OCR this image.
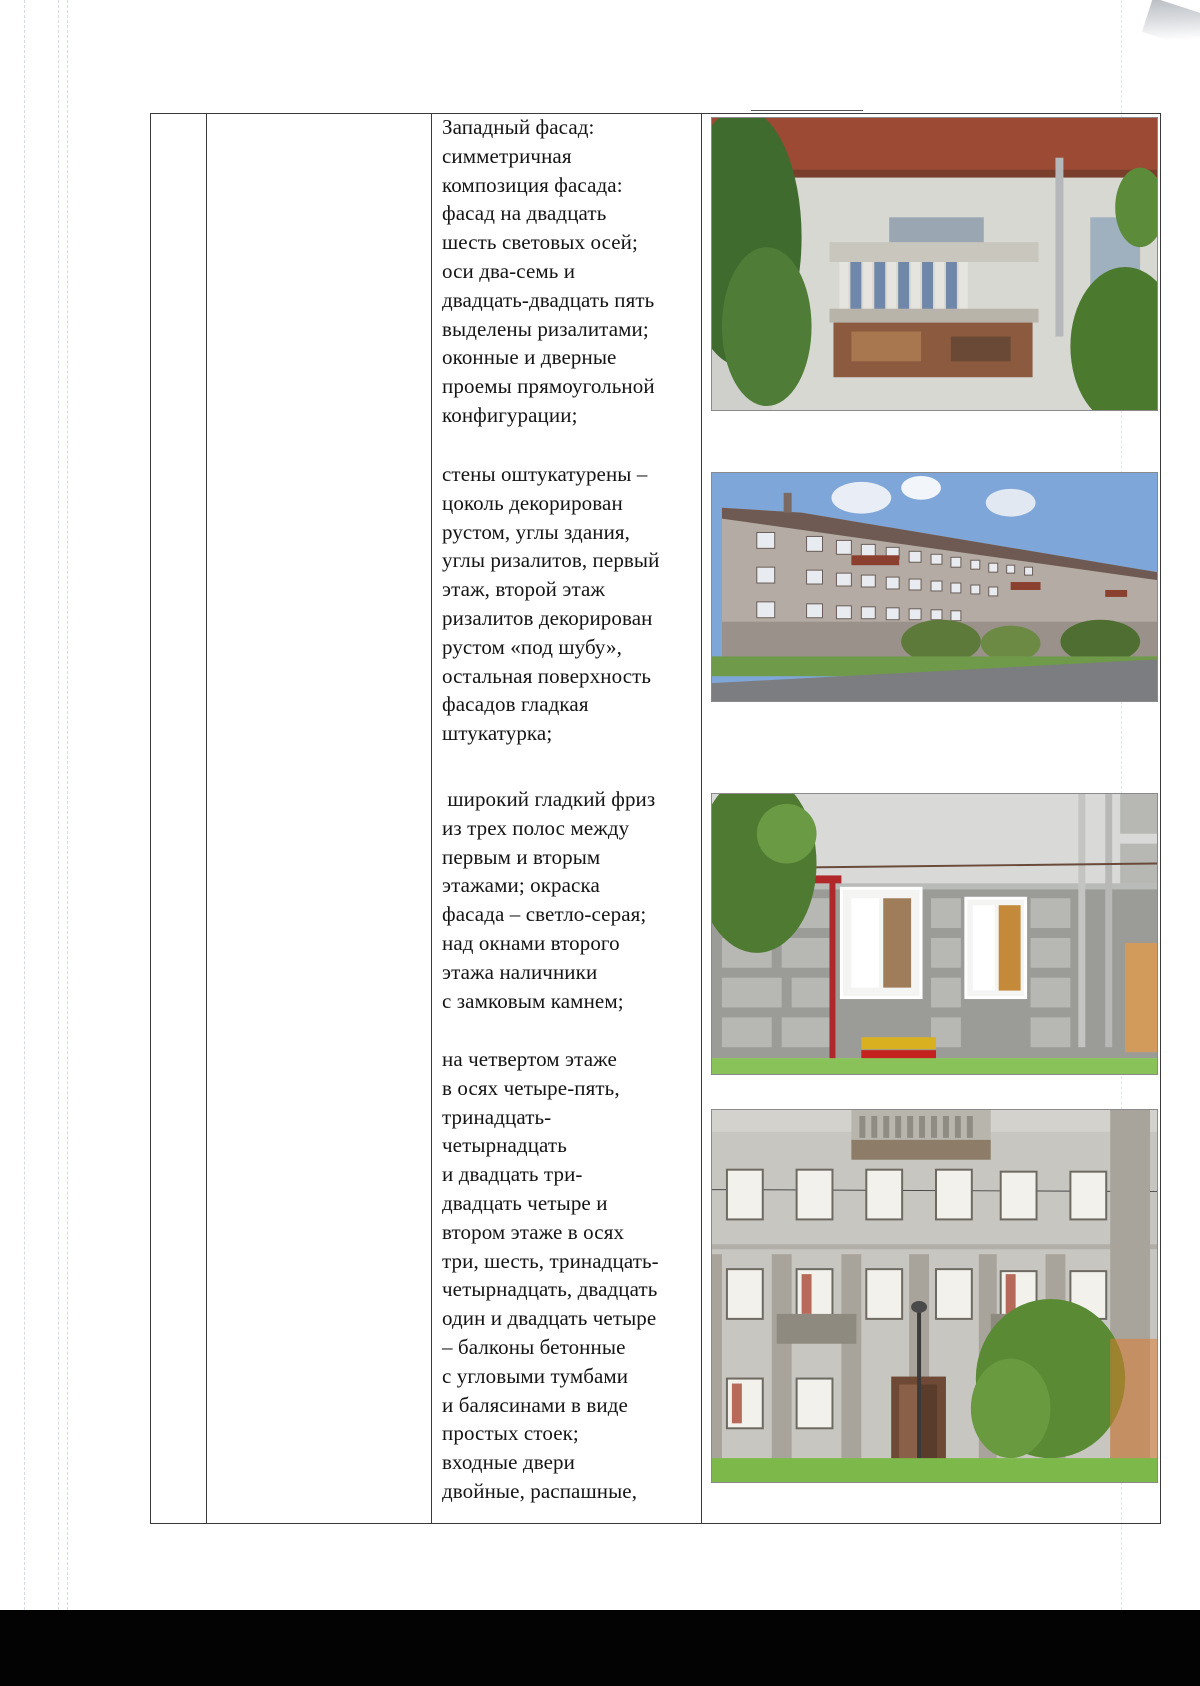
Западный фасад:
симметричная
композиция фасада:
фасад на двадцать
шесть световых осей;
оси два-семь и
двадцать-двадцать пять
выделены ризалитами;
оконные и дверные
проемы прямоугольной
конфигурации;
стены оштукатурены –
цоколь декорирован
рустом, углы здания,
углы ризалитов, первый
этаж, второй этаж
ризалитов декорирован
рустом «под шубу»,
остальная поверхность
фасадов гладкая
штукатурка;
широкий гладкий фриз
из трех полос между
первым и вторым
этажами; окраска
фасада – светло-серая;
над окнами второго
этажа наличники
с замковым камнем;
на четвертом этаже
в осях четыре-пять,
тринадцать-
четырнадцать
и двадцать три-
двадцать четыре и
втором этаже в осях
три, шесть, тринадцать-
четырнадцать, двадцать
один и двадцать четыре
– балконы бетонные
с угловыми тумбами
и балясинами в виде
простых стоек;
входные двери
двойные, распашные,
